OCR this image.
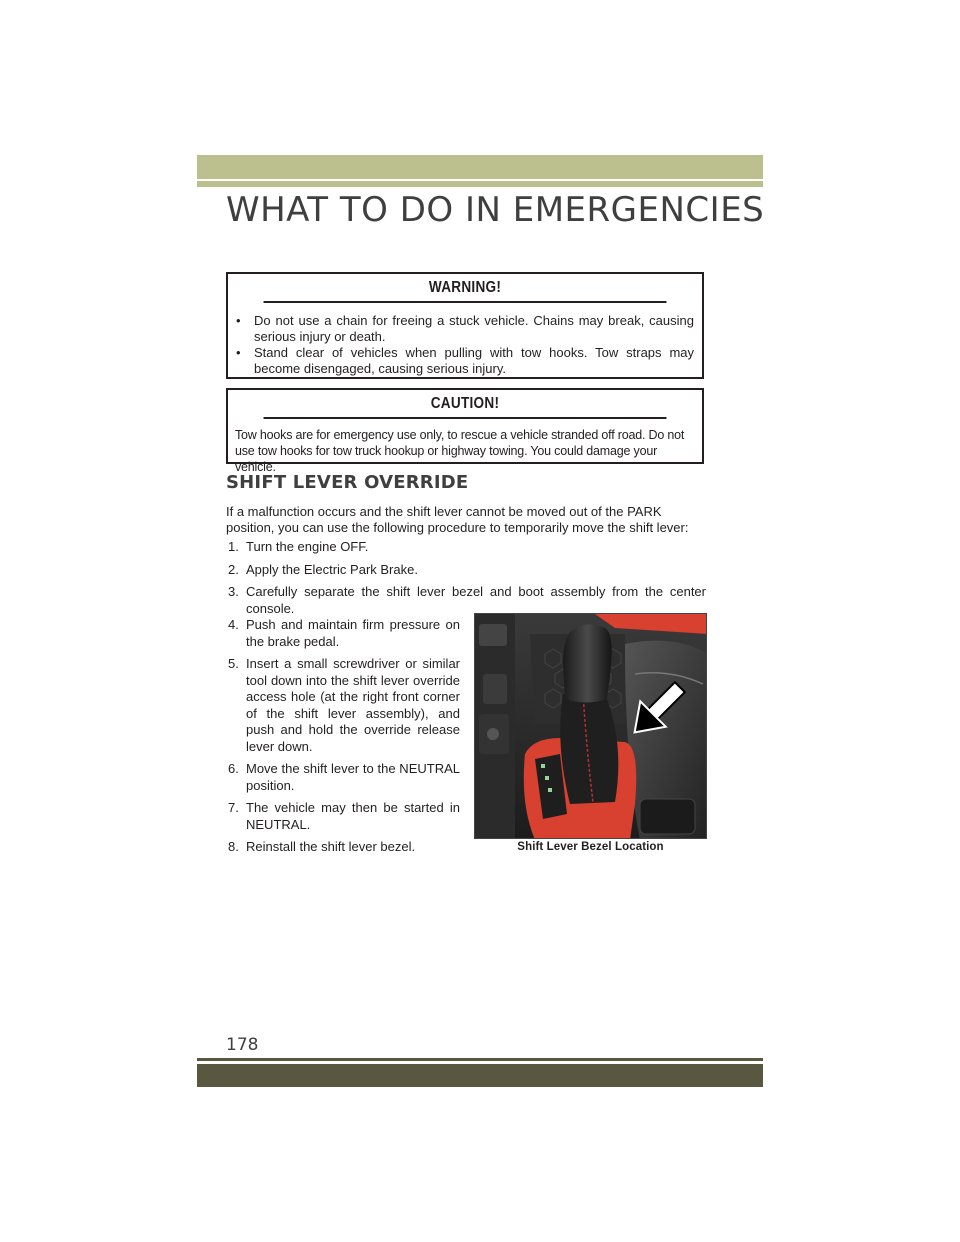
WHAT TO DO IN EMERGENCIES
WARNING!
• Do not use a chain for freeing a stuck vehicle. Chains may break, causing serious injury or death.
• Stand clear of vehicles when pulling with tow hooks. Tow straps may become disengaged, causing serious injury.
CAUTION!
Tow hooks are for emergency use only, to rescue a vehicle stranded off road. Do not use tow hooks for tow truck hookup or highway towing. You could damage your vehicle.
SHIFT LEVER OVERRIDE

If a malfunction occurs and the shift lever cannot be moved out of the PARK position, you can use the following procedure to temporarily move the shift lever:

1. Turn the engine OFF.
2. Apply the Electric Park Brake.
3. Carefully separate the shift lever bezel and boot assembly from the center console.
4. Push and maintain firm pressure on the brake pedal.
5. Insert a small screwdriver or similar tool down into the shift lever override access hole (at the right front corner of the shift lever assembly), and push and hold the override release lever down.
6. Move the shift lever to the NEUTRAL position.
7. The vehicle may then be started in NEUTRAL.
8. Reinstall the shift lever bezel.	Shift Lever Bezel Location
178
